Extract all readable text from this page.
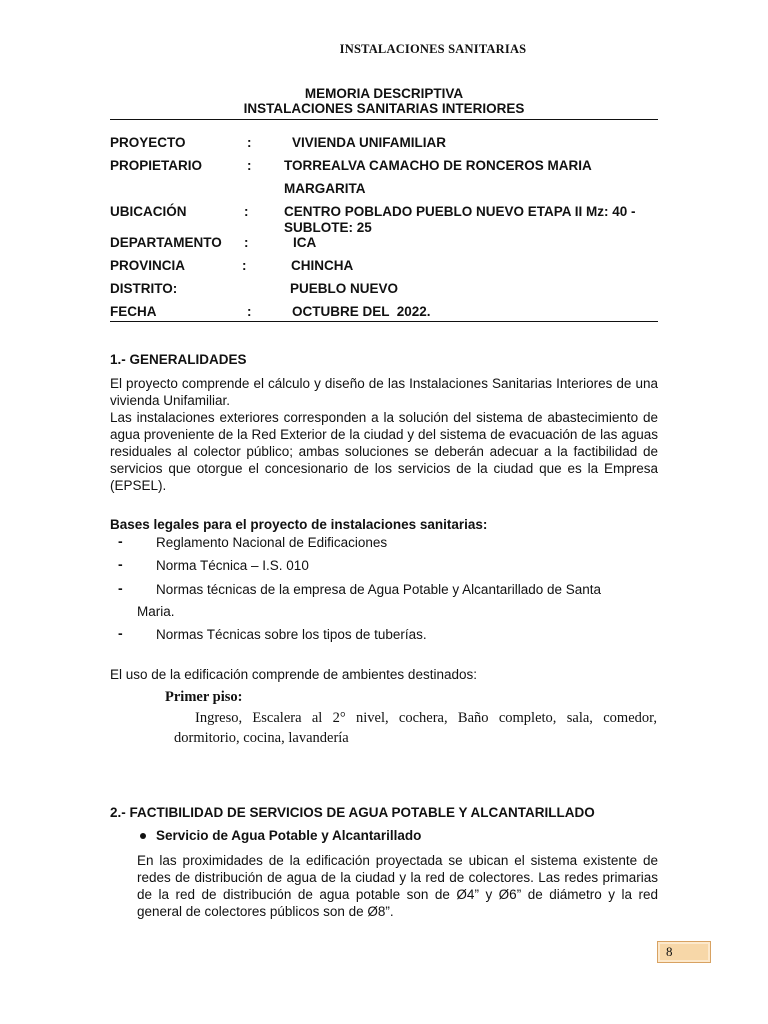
INSTALACIONES SANITARIAS
MEMORIA DESCRIPTIVA
INSTALACIONES SANITARIAS INTERIORES
PROYECTO	:	VIVIENDA UNIFAMILIAR
PROPIETARIO	: TORREALVA CAMACHO DE RONCEROS MARIA
MARGARITA
UBICACIÓN	:	CENTRO POBLADO PUEBLO NUEVO ETAPA II Mz: 40 -
SUBLOTE: 25
DEPARTAMENTO :	ICA
PROVINCIA	:	CHINCHA
DISTRITO:	PUEBLO NUEVO
FECHA	:	OCTUBRE DEL  2022.
1.- GENERALIDADES
El proyecto comprende el cálculo y diseño de las Instalaciones Sanitarias Interiores de una vivienda Unifamiliar.
Las instalaciones exteriores corresponden a la solución del sistema de abastecimiento de agua proveniente de la Red Exterior de la ciudad y del sistema de evacuación de las aguas residuales al colector público; ambas soluciones se deberán adecuar a la factibilidad de servicios que otorgue el concesionario de los servicios de la ciudad que es la Empresa (EPSEL).
Bases legales para el proyecto de instalaciones sanitarias:
- Reglamento Nacional de Edificaciones
- Norma Técnica – I.S. 010
- Normas técnicas de la empresa de Agua Potable y Alcantarillado de Santa
Maria.
- Normas Técnicas sobre los tipos de tuberías.
El uso de la edificación comprende de ambientes destinados:
Primer piso:
Ingreso, Escalera al 2° nivel, cochera, Baño completo, sala, comedor,
dormitorio, cocina, lavandería
2.- FACTIBILIDAD DE SERVICIOS DE AGUA POTABLE Y ALCANTARILLADO
Servicio de Agua Potable y Alcantarillado
En las proximidades de la edificación proyectada se ubican el sistema existente de redes de distribución de agua de la ciudad y la red de colectores. Las redes primarias de la red de distribución de agua potable son de Ø4” y Ø6” de diámetro y la red general de colectores públicos son de Ø8”.
8
